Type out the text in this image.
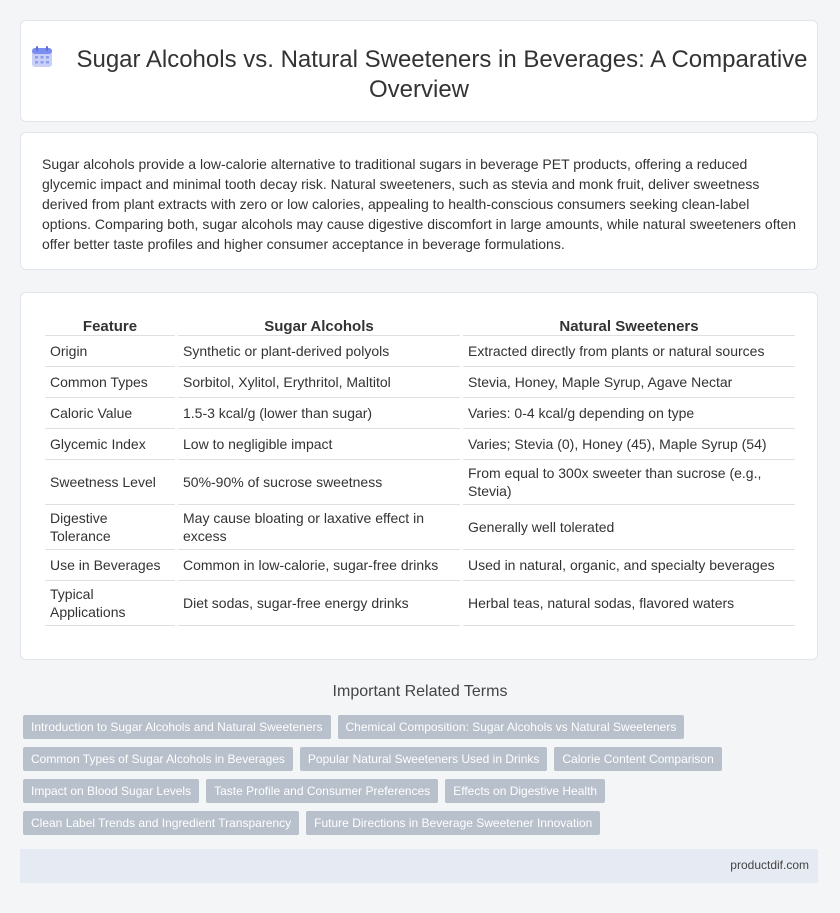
Sugar Alcohols vs. Natural Sweeteners in Beverages: A Comparative Overview

Sugar alcohols provide a low-calorie alternative to traditional sugars in beverage PET products, offering a reduced glycemic impact and minimal tooth decay risk. Natural sweeteners, such as stevia and monk fruit, deliver sweetness derived from plant extracts with zero or low calories, appealing to health-conscious consumers seeking clean-label options. Comparing both, sugar alcohols may cause digestive discomfort in large amounts, while natural sweeteners often offer better taste profiles and higher consumer acceptance in beverage formulations.

Feature	Sugar Alcohols	Natural Sweeteners
Origin	Synthetic or plant-derived polyols	Extracted directly from plants or natural sources
Common Types	Sorbitol, Xylitol, Erythritol, Maltitol	Stevia, Honey, Maple Syrup, Agave Nectar
Caloric Value	1.5-3 kcal/g (lower than sugar)	Varies: 0-4 kcal/g depending on type
Glycemic Index	Low to negligible impact	Varies; Stevia (0), Honey (45), Maple Syrup (54)
Sweetness Level	50%-90% of sucrose sweetness	From equal to 300x sweeter than sucrose (e.g., Stevia)
Digestive Tolerance	May cause bloating or laxative effect in excess	Generally well tolerated
Use in Beverages	Common in low-calorie, sugar-free drinks	Used in natural, organic, and specialty beverages
Typical Applications	Diet sodas, sugar-free energy drinks	Herbal teas, natural sodas, flavored waters
Important Related Terms
Introduction to Sugar Alcohols and Natural Sweeteners Chemical Composition: Sugar Alcohols vs Natural Sweeteners
Common Types of Sugar Alcohols in Beverages Popular Natural Sweeteners Used in Drinks Calorie Content Comparison
Impact on Blood Sugar Levels Taste Profile and Consumer Preferences Effects on Digestive Health
Clean Label Trends and Ingredient Transparency Future Directions in Beverage Sweetener Innovation
productdif.com
